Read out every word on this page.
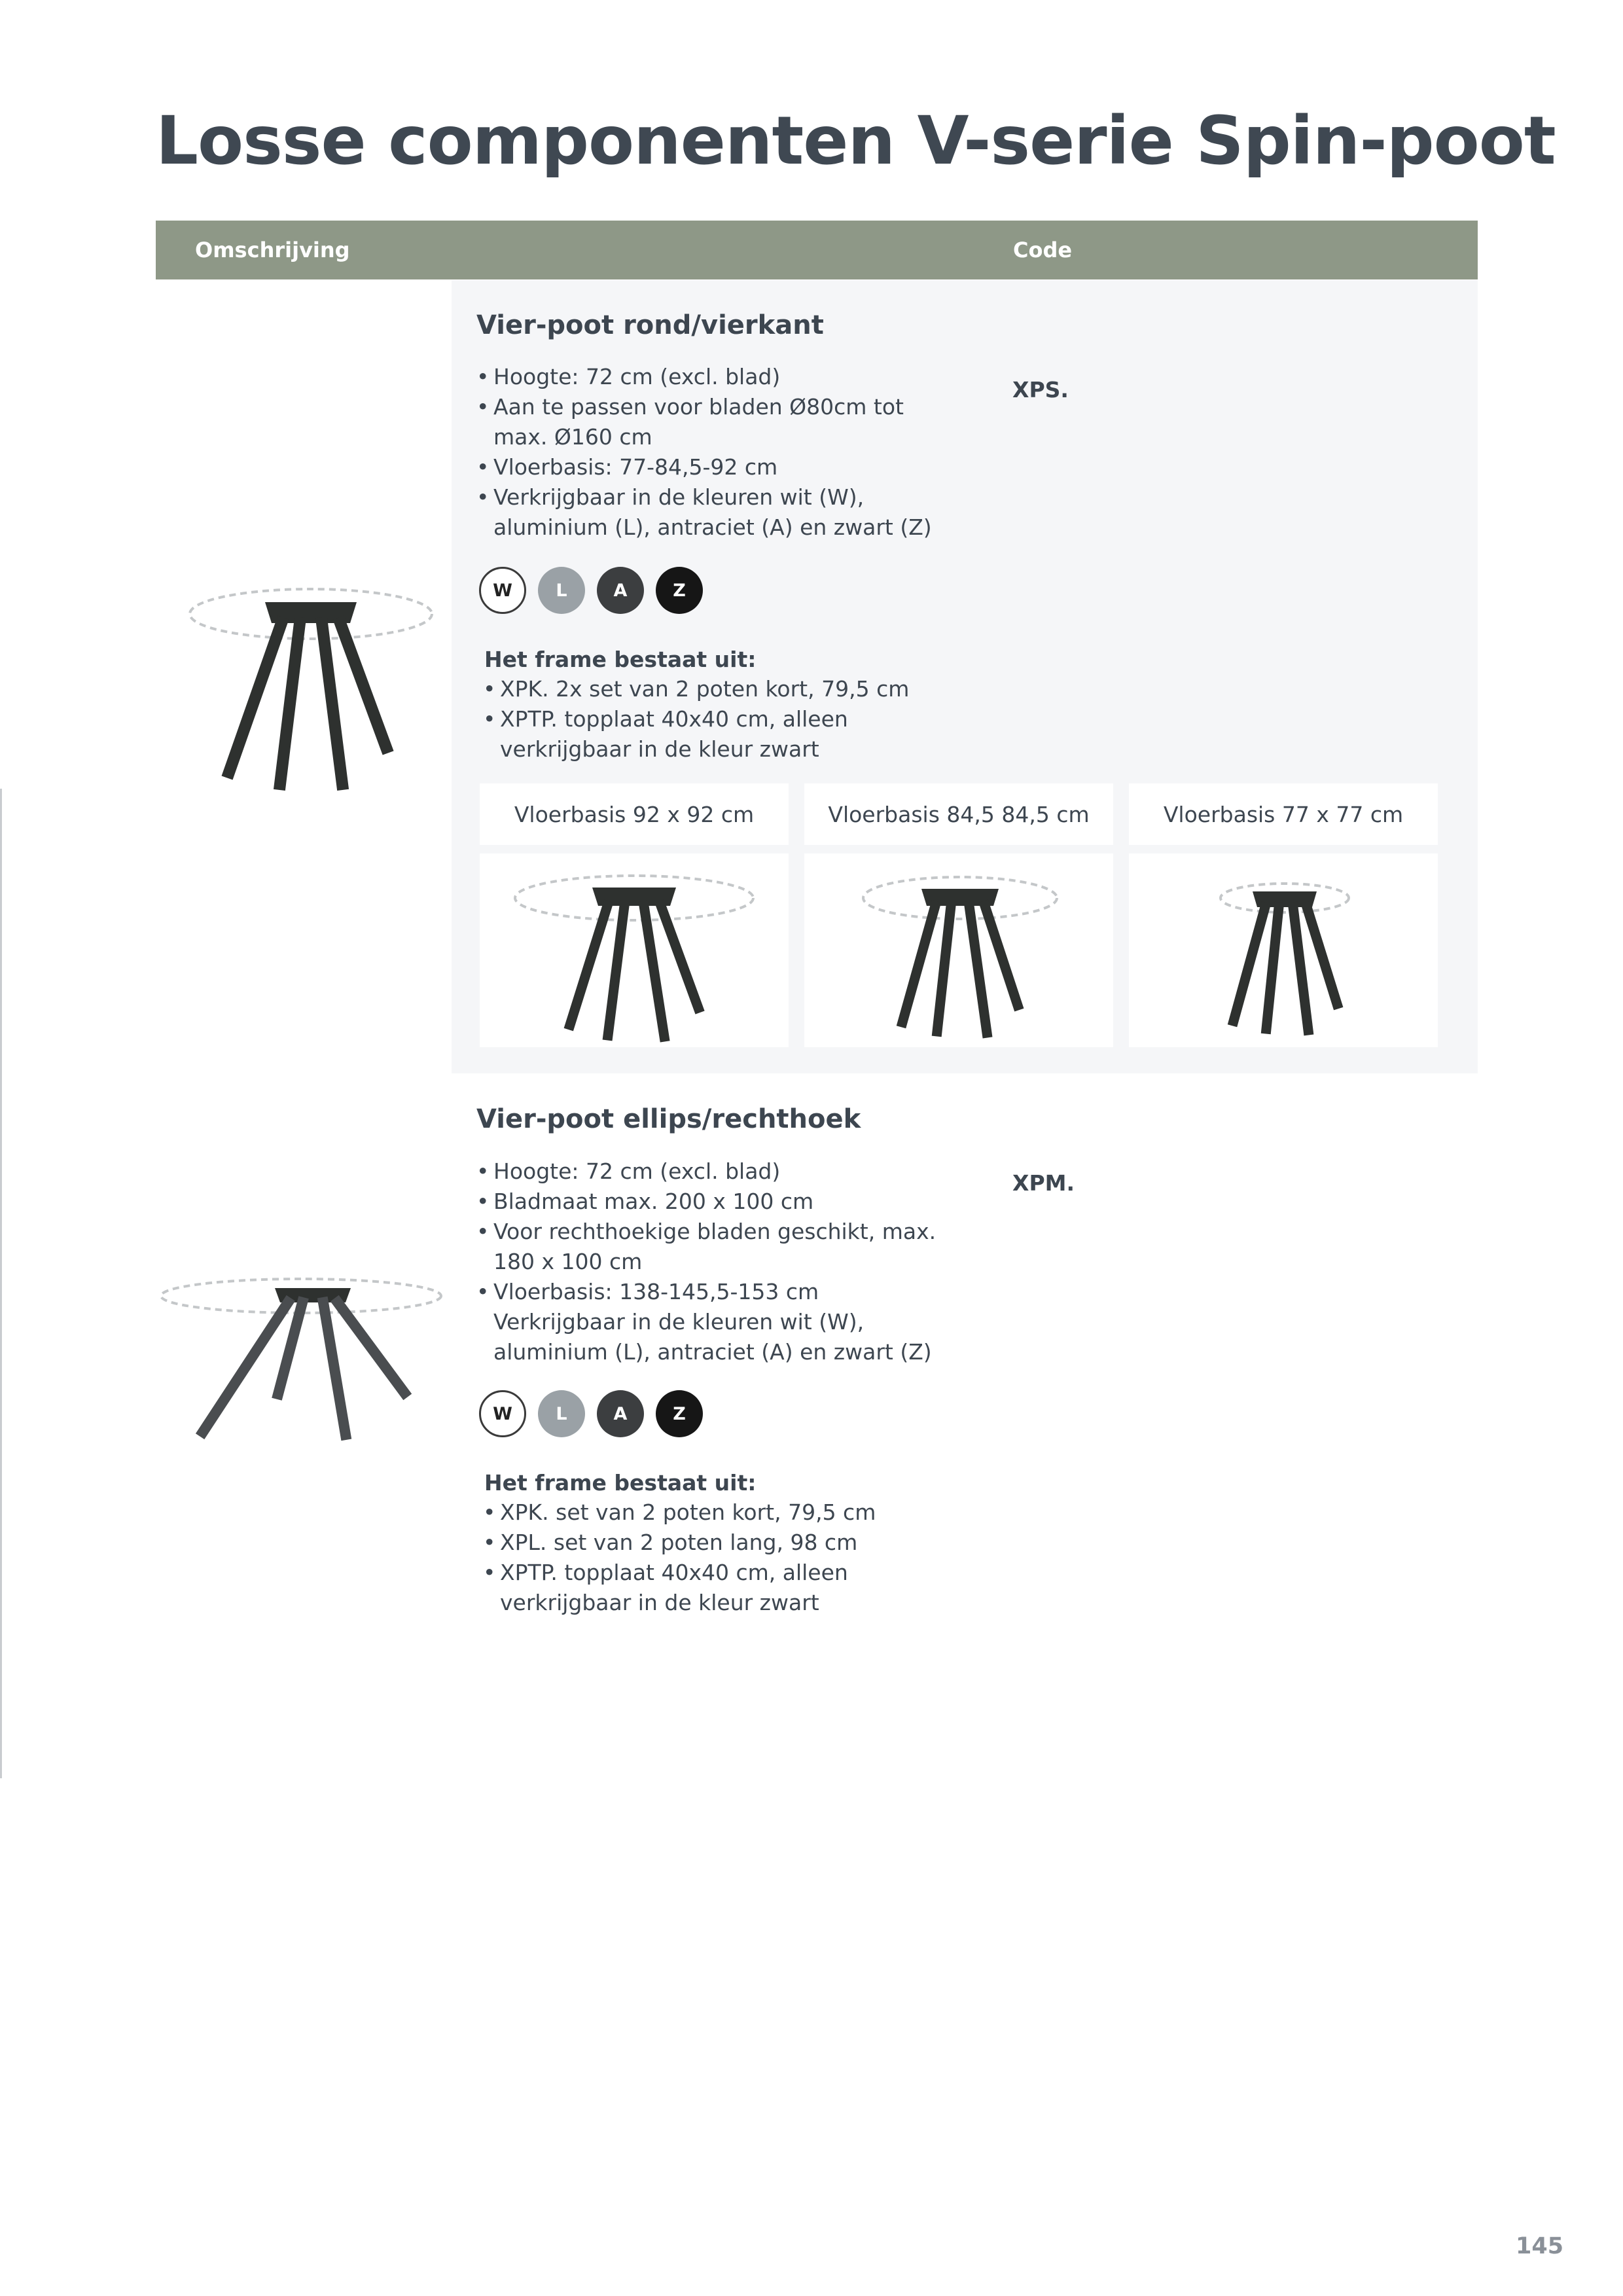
Losse componenten V-serie Spin-poot
Omschrijving	Code
Vier-poot rond/vierkant
• Hoogte: 72 cm (excl. blad)
• Aan te passen voor bladen Ø80cm tot
max. Ø160 cm
• Vloerbasis: 77-84,5-92 cm
• Verkrijgbaar in de kleuren wit (W),
aluminium (L), antraciet (A) en zwart (Z)
XPS.
W	L	A	Z
Het frame bestaat uit:
• XPK. 2x set van 2 poten kort, 79,5 cm
• XPTP. topplaat 40x40 cm, alleen
verkrijgbaar in de kleur zwart
Vloerbasis 92 x 92 cm	Vloerbasis 84,5 84,5 cm	Vloerbasis 77 x 77 cm
Vier-poot ellips/rechthoek
• Hoogte: 72 cm (excl. blad)
• Bladmaat max. 200 x 100 cm
• Voor rechthoekige bladen geschikt, max.
180 x 100 cm
• Vloerbasis: 138-145,5-153 cm
Verkrijgbaar in de kleuren wit (W),
aluminium (L), antraciet (A) en zwart (Z)
XPM.
W	L	A	Z
Het frame bestaat uit:
• XPK. set van 2 poten kort, 79,5 cm
• XPL. set van 2 poten lang, 98 cm
• XPTP. topplaat 40x40 cm, alleen
verkrijgbaar in de kleur zwart
145
